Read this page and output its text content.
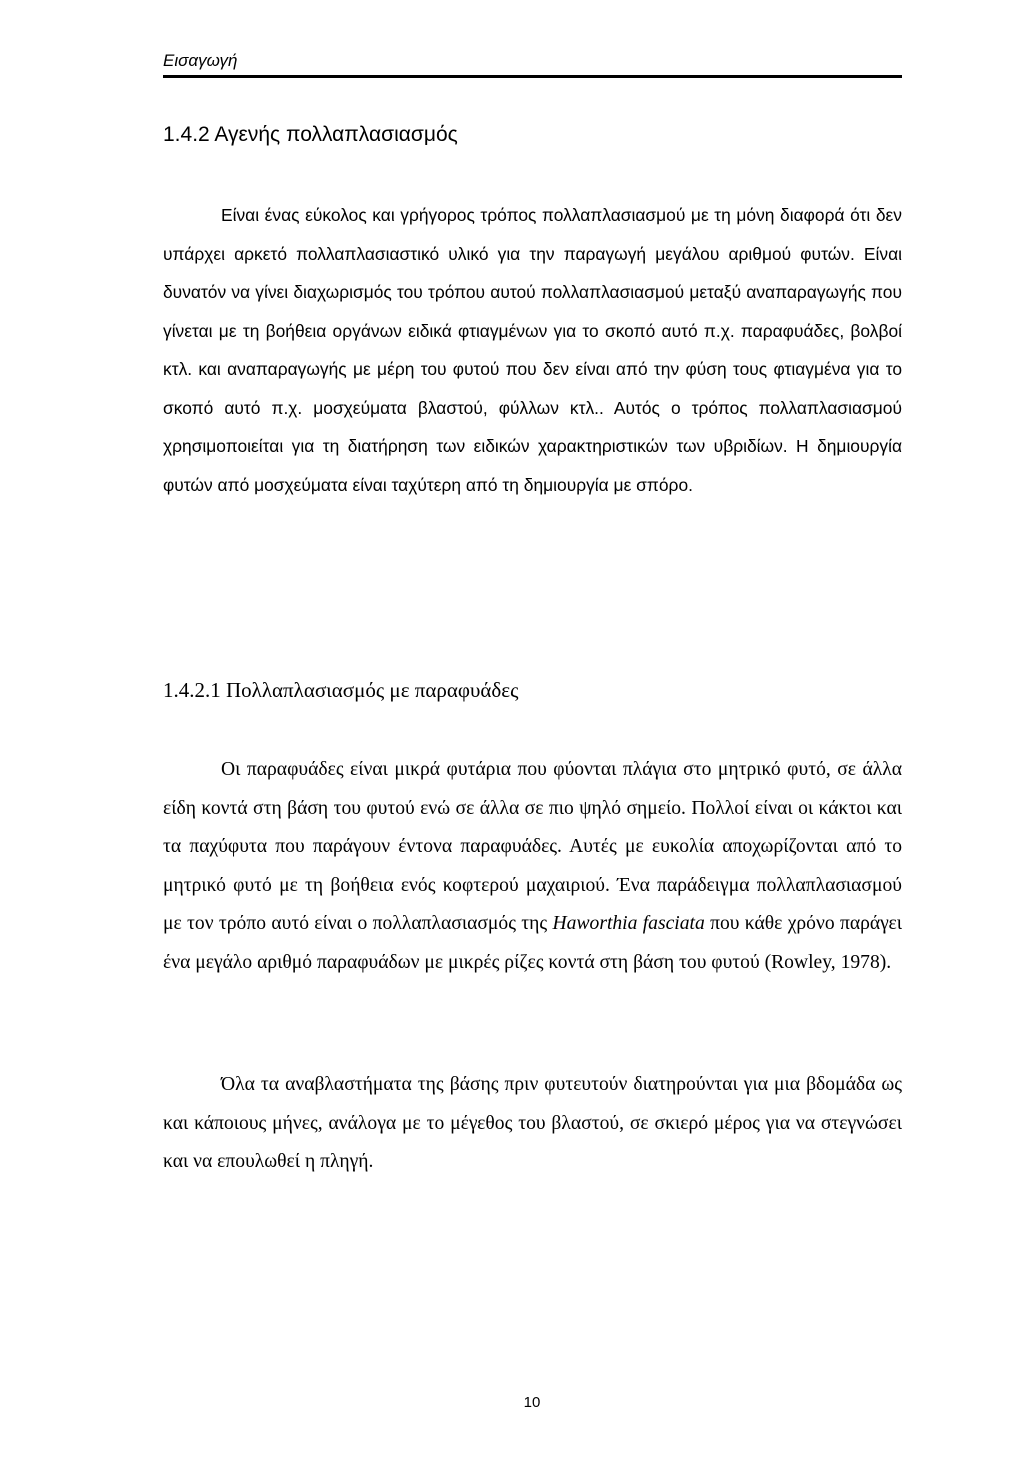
Εισαγωγή
1.4.2 Αγενής πολλαπλασιασμός

Είναι ένας εύκολος και γρήγορος τρόπος πολλαπλασιασμού με τη μόνη διαφορά ότι δεν υπάρχει αρκετό πολλαπλασιαστικό υλικό για την παραγωγή μεγάλου αριθμού φυτών. Είναι δυνατόν να γίνει διαχωρισμός του τρόπου αυτού πολλαπλασιασμού μεταξύ αναπαραγωγής που γίνεται με τη βοήθεια οργάνων ειδικά φτιαγμένων για το σκοπό αυτό π.χ. παραφυάδες, βολβοί κτλ. και αναπαραγωγής με μέρη του φυτού που δεν είναι από την φύση τους φτιαγμένα για το σκοπό αυτό π.χ. μοσχεύματα βλαστού, φύλλων κτλ.. Αυτός ο τρόπος πολλαπλασιασμού χρησιμοποιείται για τη διατήρηση των ειδικών χαρακτηριστικών των υβριδίων. Η δημιουργία φυτών από μοσχεύματα είναι ταχύτερη από τη δημιουργία με σπόρο.

1.4.2.1 Πολλαπλασιασμός με παραφυάδες

Οι παραφυάδες είναι μικρά φυτάρια που φύονται πλάγια στο μητρικό φυτό, σε άλλα είδη κοντά στη βάση του φυτού ενώ σε άλλα σε πιο ψηλό σημείο. Πολλοί είναι οι κάκτοι και τα παχύφυτα που παράγουν έντονα παραφυάδες. Αυτές με ευκολία αποχωρίζονται από το μητρικό φυτό με τη βοήθεια ενός κοφτερού μαχαιριού. Ένα παράδειγμα πολλαπλασιασμού με τον τρόπο αυτό είναι ο πολλαπλασιασμός της Haworthia fasciata που κάθε χρόνο παράγει ένα μεγάλο αριθμό παραφυάδων με μικρές ρίζες κοντά στη βάση του φυτού (Rowley, 1978).

Όλα τα αναβλαστήματα της βάσης πριν φυτευτούν διατηρούνται για μια βδομάδα ως και κάποιους μήνες, ανάλογα με το μέγεθος του βλαστού, σε σκιερό μέρος για να στεγνώσει και να επουλωθεί η πληγή.

10
